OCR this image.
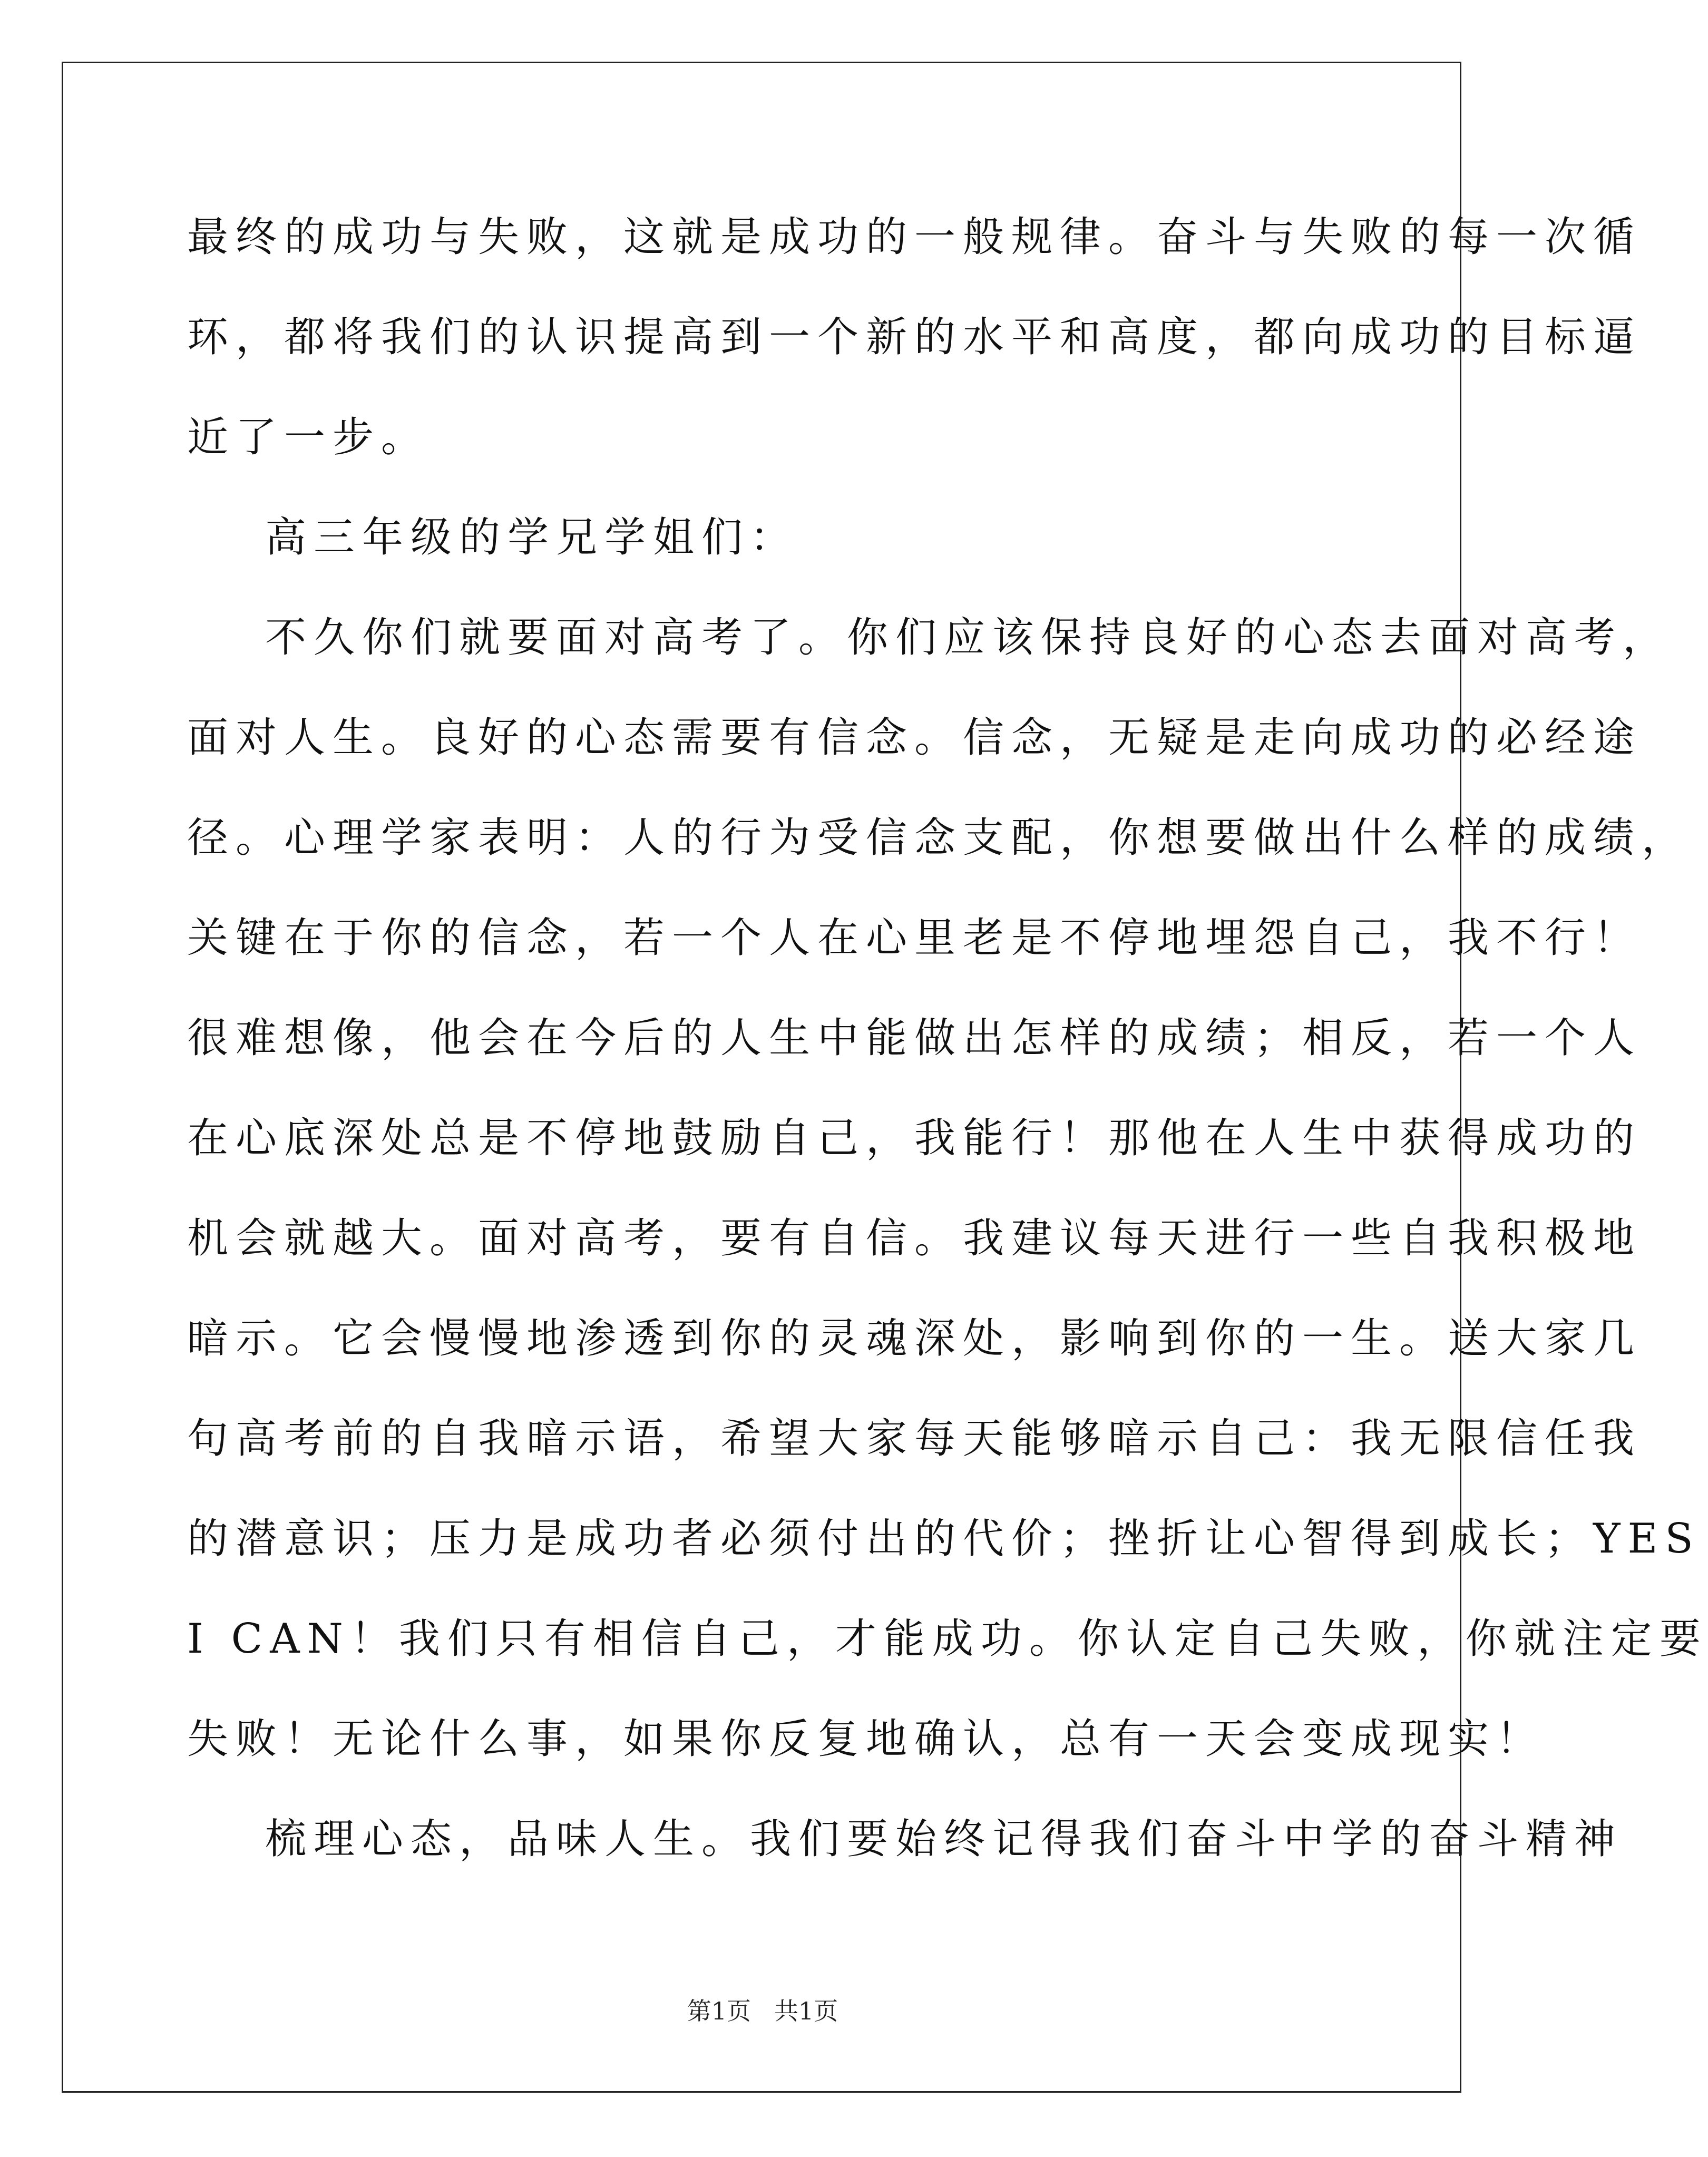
最终的成功与失败，这就是成功的一般规律。奋斗与失败的每一次循
环，都将我们的认识提高到一个新的水平和高度，都向成功的目标逼
近了一步。
高三年级的学兄学姐们：
不久你们就要面对高考了。你们应该保持良好的心态去面对高考，
面对人生。良好的心态需要有信念。信念，无疑是走向成功的必经途
径。心理学家表明：人的行为受信念支配，你想要做出什么样的成绩，
关键在于你的信念，若一个人在心里老是不停地埋怨自己，我不行！
很难想像，他会在今后的人生中能做出怎样的成绩；相反，若一个人
在心底深处总是不停地鼓励自己，我能行！那他在人生中获得成功的
机会就越大。面对高考，要有自信。我建议每天进行一些自我积极地
暗示。它会慢慢地渗透到你的灵魂深处，影响到你的一生。送大家几
句高考前的自我暗示语，希望大家每天能够暗示自己：我无限信任我
的潜意识；压力是成功者必须付出的代价；挫折让心智得到成长；YES
I CAN！我们只有相信自己，才能成功。你认定自己失败，你就注定要
失败！无论什么事，如果你反复地确认，总有一天会变成现实！
梳理心态，品味人生。我们要始终记得我们奋斗中学的奋斗精神
第1页 共1页
